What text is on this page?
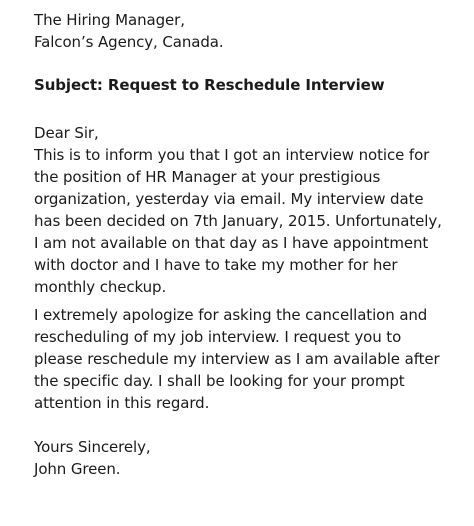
The Hiring Manager,
Falcon’s Agency, Canada.
Subject: Request to Reschedule Interview
Dear Sir,
This is to inform you that I got an interview notice for
the position of HR Manager at your prestigious
organization, yesterday via email. My interview date
has been decided on 7th January, 2015. Unfortunately,
I am not available on that day as I have appointment
with doctor and I have to take my mother for her
monthly checkup.
I extremely apologize for asking the cancellation and
rescheduling of my job interview. I request you to
please reschedule my interview as I am available after
the specific day. I shall be looking for your prompt
attention in this regard.
Yours Sincerely,
John Green.
